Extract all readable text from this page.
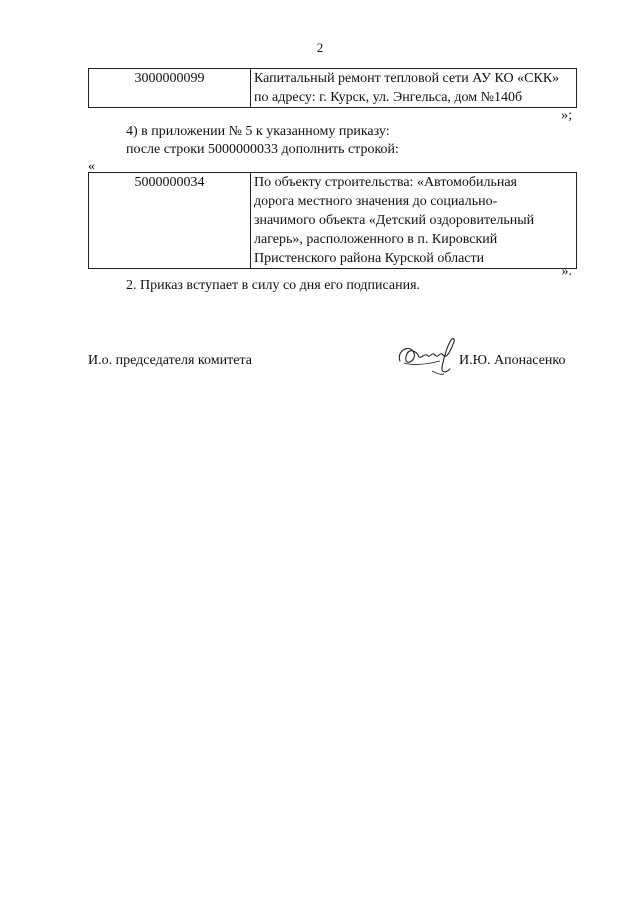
2
3000000099	Капитальный ремонт тепловой сети АУ КО «СКК»
по адресу: г. Курск, ул. Энгельса, дом №140б
»;
4) в приложении № 5 к указанному приказу:
после строки 5000000033 дополнить строкой:
«
5000000034	По объекту строительства: «Автомобильная
дорога местного значения до социально-
значимого объекта «Детский оздоровительный
лагерь», расположенного в п. Кировский
Пристенского района Курской области
».
2. Приказ вступает в силу со дня его подписания.
И.о. председателя комитета	И.Ю. Апонасенко
